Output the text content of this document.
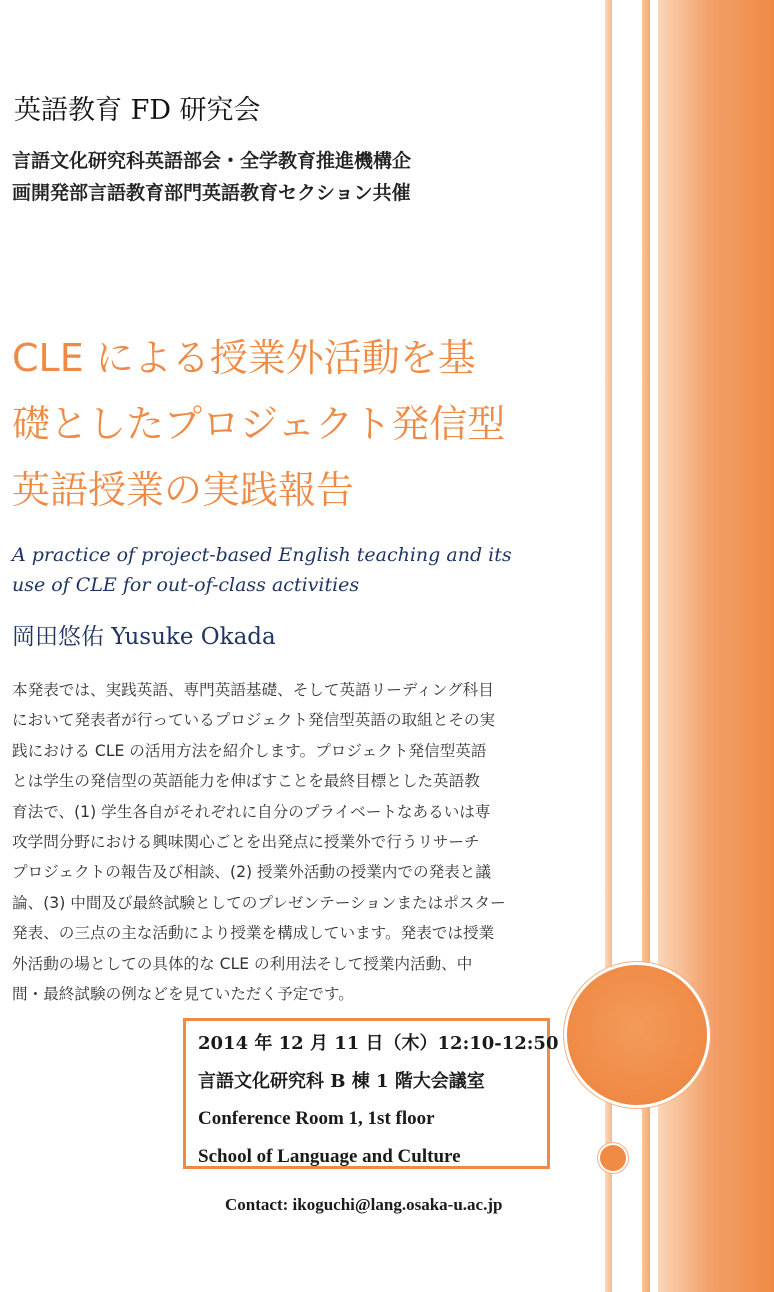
英語教育 FD 研究会
言語文化研究科英語部会・全学教育推進機構企
画開発部言語教育部門英語教育セクション共催
CLE による授業外活動を基
礎としたプロジェクト発信型
英語授業の実践報告
A practice of project-based English teaching and its
use of CLE for out-of-class activities
岡田悠佑 Yusuke Okada
本発表では、実践英語、専門英語基礎、そして英語リーディング科目
において発表者が行っているプロジェクト発信型英語の取組とその実
践における CLE の活用方法を紹介します。プロジェクト発信型英語
とは学生の発信型の英語能力を伸ばすことを最終目標とした英語教
育法で、(1) 学生各自がそれぞれに自分のプライベートなあるいは専
攻学問分野における興味関心ごとを出発点に授業外で行うリサーチ
プロジェクトの報告及び相談、(2) 授業外活動の授業内での発表と議
論、(3) 中間及び最終試験としてのプレゼンテーションまたはポスター
発表、の三点の主な活動により授業を構成しています。発表では授業
外活動の場としての具体的な CLE の利用法そして授業内活動、中
間・最終試験の例などを見ていただく予定です。
2014 年 12 月 11 日（木）12:10-12:50
言語文化研究科 B 棟 1 階大会議室
Conference Room 1, 1st floor
School of Language and Culture
Contact: ikoguchi@lang.osaka-u.ac.jp
